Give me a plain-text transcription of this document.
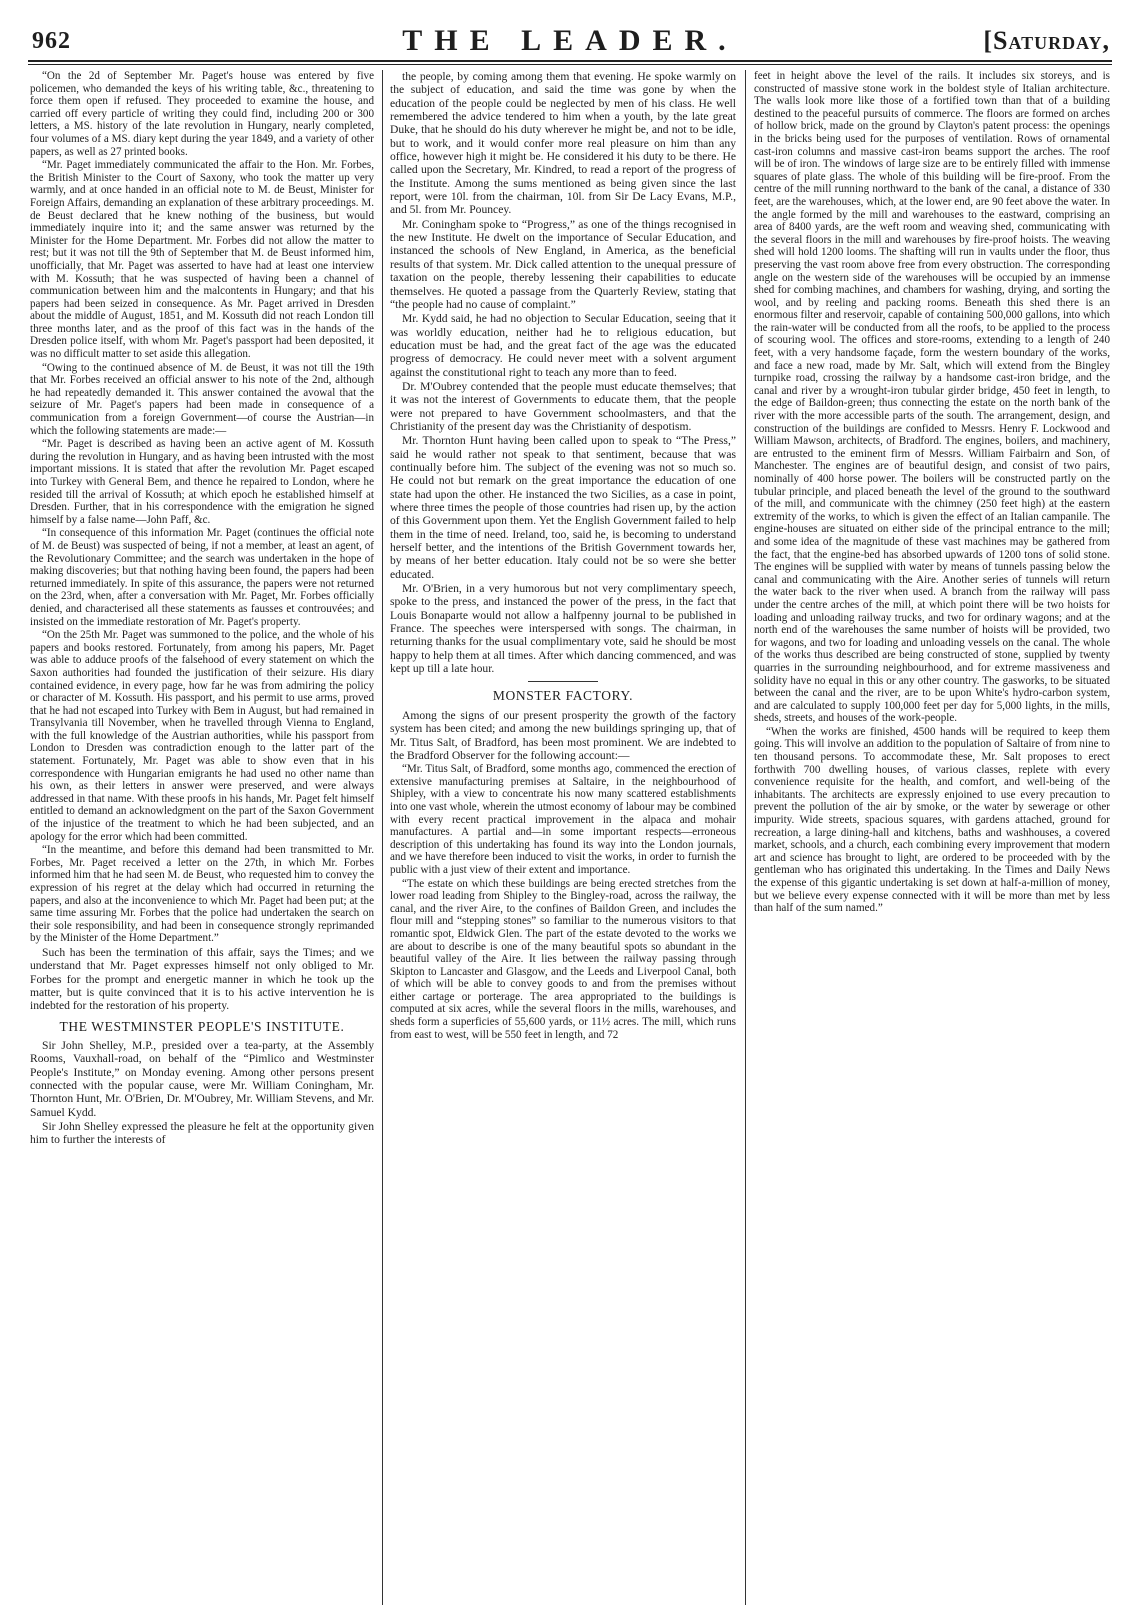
962	THE LEADER.	[Saturday,

“On the 2d of September Mr. Paget's house was entered by five policemen, who demanded the keys of his writing table, &c., threatening to force them open if refused. They proceeded to examine the house, and carried off every particle of writing they could find, including 200 or 300 letters, a MS. history of the late revolution in Hungary, nearly completed, four volumes of a MS. diary kept during the year 1849, and a variety of other papers, as well as 27 printed books.

“Mr. Paget immediately communicated the affair to the Hon. Mr. Forbes, the British Minister to the Court of Saxony, who took the matter up very warmly, and at once handed in an official note to M. de Beust, Minister for Foreign Affairs, demanding an explanation of these arbitrary proceedings. M. de Beust declared that he knew nothing of the business, but would immediately inquire into it; and the same answer was returned by the Minister for the Home Department. Mr. Forbes did not allow the matter to rest; but it was not till the 9th of September that M. de Beust informed him, unofficially, that Mr. Paget was asserted to have had at least one interview with M. Kossuth; that he was suspected of having been a channel of communication between him and the malcontents in Hungary; and that his papers had been seized in consequence. As Mr. Paget arrived in Dresden about the middle of August, 1851, and M. Kossuth did not reach London till three months later, and as the proof of this fact was in the hands of the Dresden police itself, with whom Mr. Paget's passport had been deposited, it was no difficult matter to set aside this allegation.

“Owing to the continued absence of M. de Beust, it was not till the 19th that Mr. Forbes received an official answer to his note of the 2nd, although he had repeatedly demanded it. This answer contained the avowal that the seizure of Mr. Paget's papers had been made in consequence of a communication from a foreign Government—of course the Austrian—in which the following statements are made:—

“Mr. Paget is described as having been an active agent of M. Kossuth during the revolution in Hungary, and as having been intrusted with the most important missions. It is stated that after the revolution Mr. Paget escaped into Turkey with General Bem, and thence he repaired to London, where he resided till the arrival of Kossuth; at which epoch he established himself at Dresden. Further, that in his correspondence with the emigration he signed himself by a false name—John Paff, &c.

“In consequence of this information Mr. Paget (continues the official note of M. de Beust) was suspected of being, if not a member, at least an agent, of the Revolutionary Committee; and the search was undertaken in the hope of making discoveries; but that nothing having been found, the papers had been returned immediately. In spite of this assurance, the papers were not returned on the 23rd, when, after a conversation with Mr. Paget, Mr. Forbes officially denied, and characterised all these statements as fausses et controuvées; and insisted on the immediate restoration of Mr. Paget's property.

“On the 25th Mr. Paget was summoned to the police, and the whole of his papers and books restored. Fortunately, from among his papers, Mr. Paget was able to adduce proofs of the falsehood of every statement on which the Saxon authorities had founded the justification of their seizure. His diary contained evidence, in every page, how far he was from admiring the policy or character of M. Kossuth. His passport, and his permit to use arms, proved that he had not escaped into Turkey with Bem in August, but had remained in Transylvania till November, when he travelled through Vienna to England, with the full knowledge of the Austrian authorities, while his passport from London to Dresden was contradiction enough to the latter part of the statement. Fortunately, Mr. Paget was able to show even that in his correspondence with Hungarian emigrants he had used no other name than his own, as their letters in answer were preserved, and were always addressed in that name. With these proofs in his hands, Mr. Paget felt himself entitled to demand an acknowledgment on the part of the Saxon Government of the injustice of the treatment to which he had been subjected, and an apology for the error which had been committed.

“In the meantime, and before this demand had been transmitted to Mr. Forbes, Mr. Paget received a letter on the 27th, in which Mr. Forbes informed him that he had seen M. de Beust, who requested him to convey the expression of his regret at the delay which had occurred in returning the papers, and also at the inconvenience to which Mr. Paget had been put; at the same time assuring Mr. Forbes that the police had undertaken the search on their sole responsibility, and had been in consequence strongly reprimanded by the Minister of the Home Department.”

Such has been the termination of this affair, says the Times; and we understand that Mr. Paget expresses himself not only obliged to Mr. Forbes for the prompt and energetic manner in which he took up the matter, but is quite convinced that it is to his active intervention he is indebted for the restoration of his property.

THE WESTMINSTER PEOPLE'S INSTITUTE.

Sir John Shelley, M.P., presided over a tea-party, at the Assembly Rooms, Vauxhall-road, on behalf of the “Pimlico and Westminster People's Institute,” on Monday evening. Among other persons present connected with the popular cause, were Mr. William Coningham, Mr. Thornton Hunt, Mr. O'Brien, Dr. M'Oubrey, Mr. William Stevens, and Mr. Samuel Kydd.

Sir John Shelley expressed the pleasure he felt at the opportunity given him to further the interests of

the people, by coming among them that evening. He spoke warmly on the subject of education, and said the time was gone by when the education of the people could be neglected by men of his class. He well remembered the advice tendered to him when a youth, by the late great Duke, that he should do his duty wherever he might be, and not to be idle, but to work, and it would confer more real pleasure on him than any office, however high it might be. He considered it his duty to be there. He called upon the Secretary, Mr. Kindred, to read a report of the progress of the Institute. Among the sums mentioned as being given since the last report, were 10l. from the chairman, 10l. from Sir De Lacy Evans, M.P., and 5l. from Mr. Pouncey.

Mr. Coningham spoke to “Progress,” as one of the things recognised in the new Institute. He dwelt on the importance of Secular Education, and instanced the schools of New England, in America, as the beneficial results of that system. Mr. Dick called attention to the unequal pressure of taxation on the people, thereby lessening their capabilities to educate themselves. He quoted a passage from the Quarterly Review, stating that “the people had no cause of complaint.”

Mr. Kydd said, he had no objection to Secular Education, seeing that it was worldly education, neither had he to religious education, but education must be had, and the great fact of the age was the educated progress of democracy. He could never meet with a solvent argument against the constitutional right to teach any more than to feed.

Dr. M'Oubrey contended that the people must educate themselves; that it was not the interest of Governments to educate them, that the people were not prepared to have Government schoolmasters, and that the Christianity of the present day was the Christianity of despotism.

Mr. Thornton Hunt having been called upon to speak to “The Press,” said he would rather not speak to that sentiment, because that was continually before him. The subject of the evening was not so much so. He could not but remark on the great importance the education of one state had upon the other. He instanced the two Sicilies, as a case in point, where three times the people of those countries had risen up, by the action of this Government upon them. Yet the English Government failed to help them in the time of need. Ireland, too, said he, is becoming to understand herself better, and the intentions of the British Government towards her, by means of her better education. Italy could not be so were she better educated.

Mr. O'Brien, in a very humorous but not very complimentary speech, spoke to the press, and instanced the power of the press, in the fact that Louis Bonaparte would not allow a halfpenny journal to be published in France. The speeches were interspersed with songs. The chairman, in returning thanks for the usual complimentary vote, said he should be most happy to help them at all times. After which dancing commenced, and was kept up till a late hour.

MONSTER FACTORY.

Among the signs of our present prosperity the growth of the factory system has been cited; and among the new buildings springing up, that of Mr. Titus Salt, of Bradford, has been most prominent. We are indebted to the Bradford Observer for the following account:—

“Mr. Titus Salt, of Bradford, some months ago, commenced the erection of extensive manufacturing premises at Saltaire, in the neighbourhood of Shipley, with a view to concentrate his now many scattered establishments into one vast whole, wherein the utmost economy of labour may be combined with every recent practical improvement in the alpaca and mohair manufactures. A partial and—in some important respects—erroneous description of this undertaking has found its way into the London journals, and we have therefore been induced to visit the works, in order to furnish the public with a just view of their extent and importance.

“The estate on which these buildings are being erected stretches from the lower road leading from Shipley to the Bingley-road, across the railway, the canal, and the river Aire, to the confines of Baildon Green, and includes the flour mill and “stepping stones” so familiar to the numerous visitors to that romantic spot, Eldwick Glen. The part of the estate devoted to the works we are about to describe is one of the many beautiful spots so abundant in the beautiful valley of the Aire. It lies between the railway passing through Skipton to Lancaster and Glasgow, and the Leeds and Liverpool Canal, both of which will be able to convey goods to and from the premises without either cartage or porterage. The area appropriated to the buildings is computed at six acres, while the several floors in the mills, warehouses, and sheds form a superficies of 55,600 yards, or 11½ acres. The mill, which runs from east to west, will be 550 feet in length, and 72

feet in height above the level of the rails. It includes six storeys, and is constructed of massive stone work in the boldest style of Italian architecture. The walls look more like those of a fortified town than that of a building destined to the peaceful pursuits of commerce. The floors are formed on arches of hollow brick, made on the ground by Clayton's patent process: the openings in the bricks being used for the purposes of ventilation. Rows of ornamental cast-iron columns and massive cast-iron beams support the arches. The roof will be of iron. The windows of large size are to be entirely filled with immense squares of plate glass. The whole of this building will be fire-proof. From the centre of the mill running northward to the bank of the canal, a distance of 330 feet, are the warehouses, which, at the lower end, are 90 feet above the water. In the angle formed by the mill and warehouses to the eastward, comprising an area of 8400 yards, are the weft room and weaving shed, communicating with the several floors in the mill and warehouses by fire-proof hoists. The weaving shed will hold 1200 looms. The shafting will run in vaults under the floor, thus preserving the vast room above free from every obstruction. The corresponding angle on the western side of the warehouses will be occupied by an immense shed for combing machines, and chambers for washing, drying, and sorting the wool, and by reeling and packing rooms. Beneath this shed there is an enormous filter and reservoir, capable of containing 500,000 gallons, into which the rain-water will be conducted from all the roofs, to be applied to the process of scouring wool. The offices and store-rooms, extending to a length of 240 feet, with a very handsome façade, form the western boundary of the works, and face a new road, made by Mr. Salt, which will extend from the Bingley turnpike road, crossing the railway by a handsome cast-iron bridge, and the canal and river by a wrought-iron tubular girder bridge, 450 feet in length, to the edge of Baildon-green; thus connecting the estate on the north bank of the river with the more accessible parts of the south. The arrangement, design, and construction of the buildings are confided to Messrs. Henry F. Lockwood and William Mawson, architects, of Bradford. The engines, boilers, and machinery, are entrusted to the eminent firm of Messrs. William Fairbairn and Son, of Manchester. The engines are of beautiful design, and consist of two pairs, nominally of 400 horse power. The boilers will be constructed partly on the tubular principle, and placed beneath the level of the ground to the southward of the mill, and communicate with the chimney (250 feet high) at the eastern extremity of the works, to which is given the effect of an Italian campanile. The engine-houses are situated on either side of the principal entrance to the mill; and some idea of the magnitude of these vast machines may be gathered from the fact, that the engine-bed has absorbed upwards of 1200 tons of solid stone. The engines will be supplied with water by means of tunnels passing below the canal and communicating with the Aire. Another series of tunnels will return the water back to the river when used. A branch from the railway will pass under the centre arches of the mill, at which point there will be two hoists for loading and unloading railway trucks, and two for ordinary wagons; and at the north end of the warehouses the same number of hoists will be provided, two for wagons, and two for loading and unloading vessels on the canal. The whole of the works thus described are being constructed of stone, supplied by twenty quarries in the surrounding neighbourhood, and for extreme massiveness and solidity have no equal in this or any other country. The gasworks, to be situated between the canal and the river, are to be upon White's hydro-carbon system, and are calculated to supply 100,000 feet per day for 5,000 lights, in the mills, sheds, streets, and houses of the work-people.

“When the works are finished, 4500 hands will be required to keep them going. This will involve an addition to the population of Saltaire of from nine to ten thousand persons. To accommodate these, Mr. Salt proposes to erect forthwith 700 dwelling houses, of various classes, replete with every convenience requisite for the health, and comfort, and well-being of the inhabitants. The architects are expressly enjoined to use every precaution to prevent the pollution of the air by smoke, or the water by sewerage or other impurity. Wide streets, spacious squares, with gardens attached, ground for recreation, a large dining-hall and kitchens, baths and washhouses, a covered market, schools, and a church, each combining every improvement that modern art and science has brought to light, are ordered to be proceeded with by the gentleman who has originated this undertaking. In the Times and Daily News the expense of this gigantic undertaking is set down at half-a-million of money, but we believe every expense connected with it will be more than met by less than half of the sum named.”
